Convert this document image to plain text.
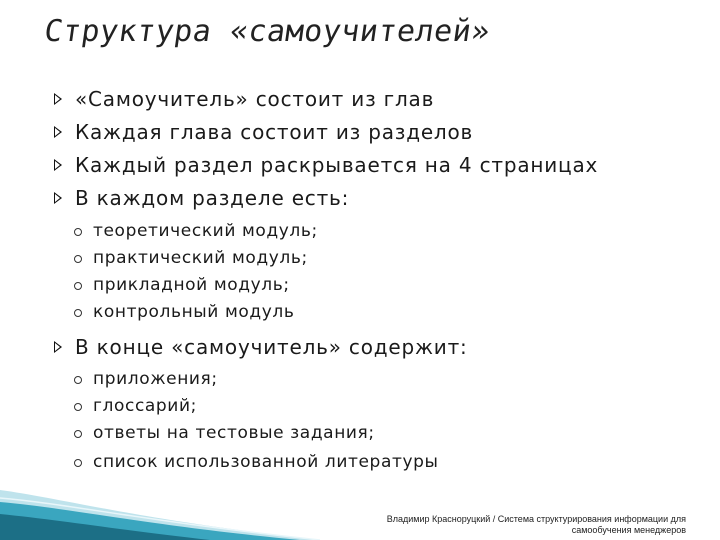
Структура «самоучителей»
«Самоучитель» состоит из глав
Каждая глава состоит из разделов
Каждый раздел раскрывается на 4 страницах
В каждом разделе есть:
теоретический модуль;
практический модуль;
прикладной модуль;
контрольный модуль
В конце «самоучитель» содержит:
приложения;
глоссарий;
ответы на тестовые задания;
список использованной литературы
Владимир Красноруцкий / Система структурирования информации для
самообучения менеджеров
